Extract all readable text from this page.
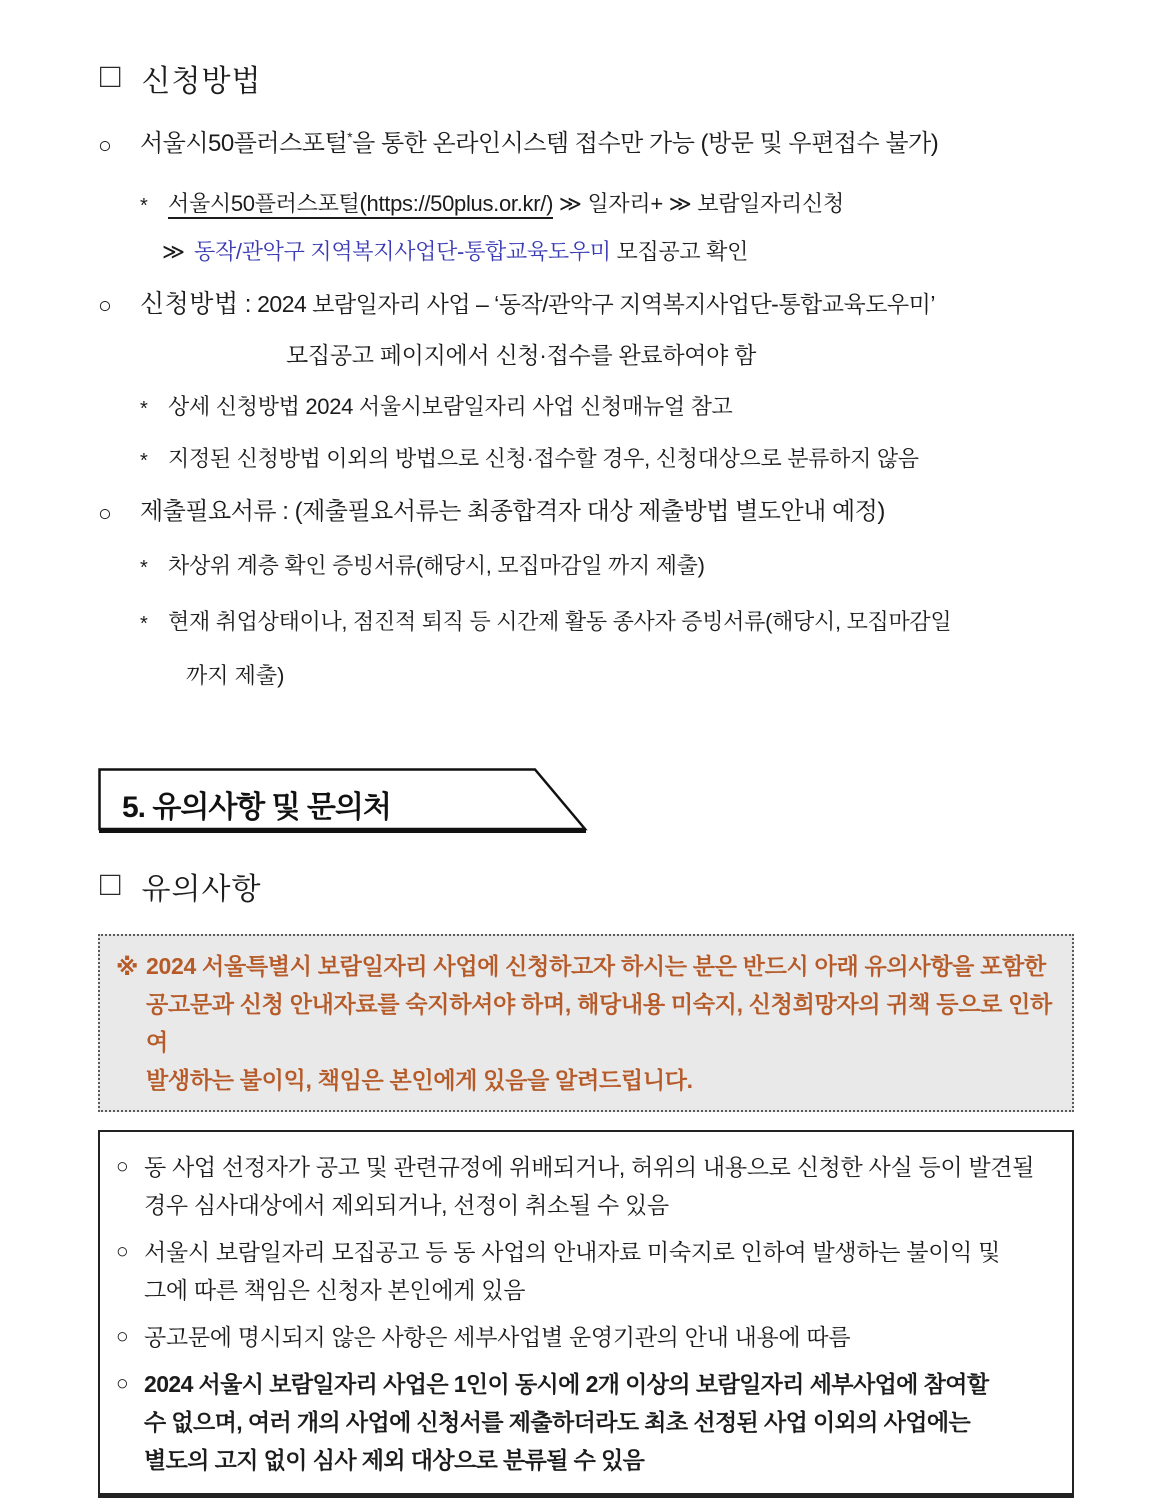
□ 신청방법
○ 서울시50플러스포털*을 통한 온라인시스템 접수만 가능 (방문 및 우편접수 불가)
* 서울시50플러스포털(https://50plus.or.kr/) ≫ 일자리+ ≫ 보람일자리신청
≫ 동작/관악구 지역복지사업단-통합교육도우미 모집공고 확인
○ 신청방법 : 2024 보람일자리 사업 – ‘동작/관악구 지역복지사업단-통합교육도우미’
모집공고 페이지에서 신청·접수를 완료하여야 함
* 상세 신청방법 2024 서울시보람일자리 사업 신청매뉴얼 참고
* 지정된 신청방법 이외의 방법으로 신청·접수할 경우, 신청대상으로 분류하지 않음
○ 제출필요서류 : (제출필요서류는 최종합격자 대상 제출방법 별도안내 예정)
* 차상위 계층 확인 증빙서류(해당시, 모집마감일 까지 제출)
* 현재 취업상태이나, 점진적 퇴직 등 시간제 활동 종사자 증빙서류(해당시, 모집마감일
까지 제출)
5. 유의사항 및 문의처
□ 유의사항
※ 2024 서울특별시 보람일자리 사업에 신청하고자 하시는 분은 반드시 아래 유의사항을 포함한
공고문과 신청 안내자료를 숙지하셔야 하며, 해당내용 미숙지, 신청희망자의 귀책 등으로 인하여
발생하는 불이익, 책임은 본인에게 있음을 알려드립니다.
○ 동 사업 선정자가 공고 및 관련규정에 위배되거나, 허위의 내용으로 신청한 사실 등이 발견될
경우 심사대상에서 제외되거나, 선정이 취소될 수 있음
○ 서울시 보람일자리 모집공고 등 동 사업의 안내자료 미숙지로 인하여 발생하는 불이익 및
그에 따른 책임은 신청자 본인에게 있음
○ 공고문에 명시되지 않은 사항은 세부사업별 운영기관의 안내 내용에 따름
○ 2024 서울시 보람일자리 사업은 1인이 동시에 2개 이상의 보람일자리 세부사업에 참여할
수 없으며, 여러 개의 사업에 신청서를 제출하더라도 최초 선정된 사업 이외의 사업에는
별도의 고지 없이 심사 제외 대상으로 분류될 수 있음
